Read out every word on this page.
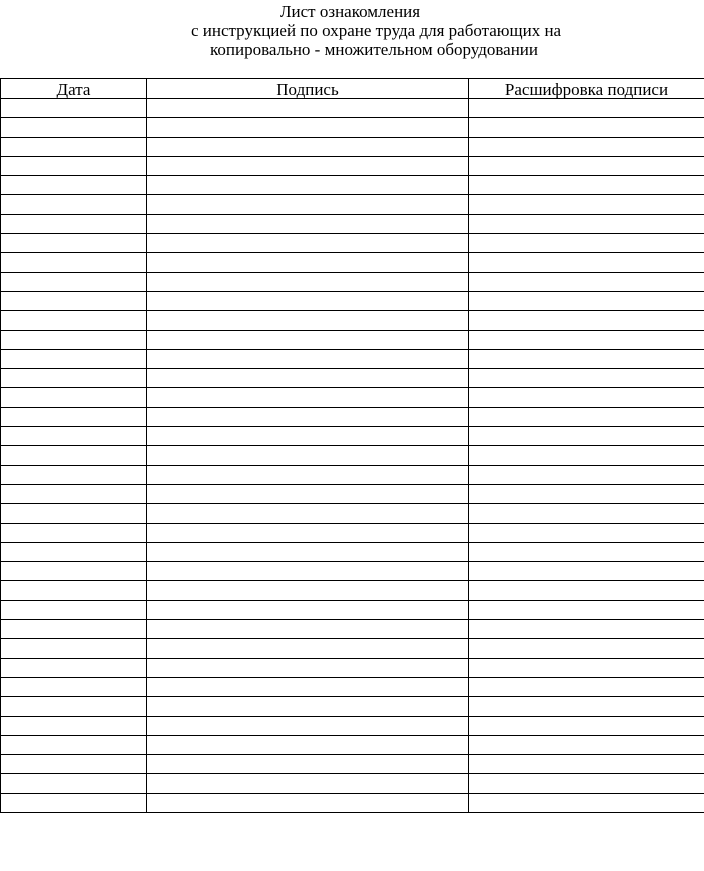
Лист ознакомления
с инструкцией по охране труда для работающих на
копировально - множительном оборудовании
Дата	Подпись	Расшифровка подписи
